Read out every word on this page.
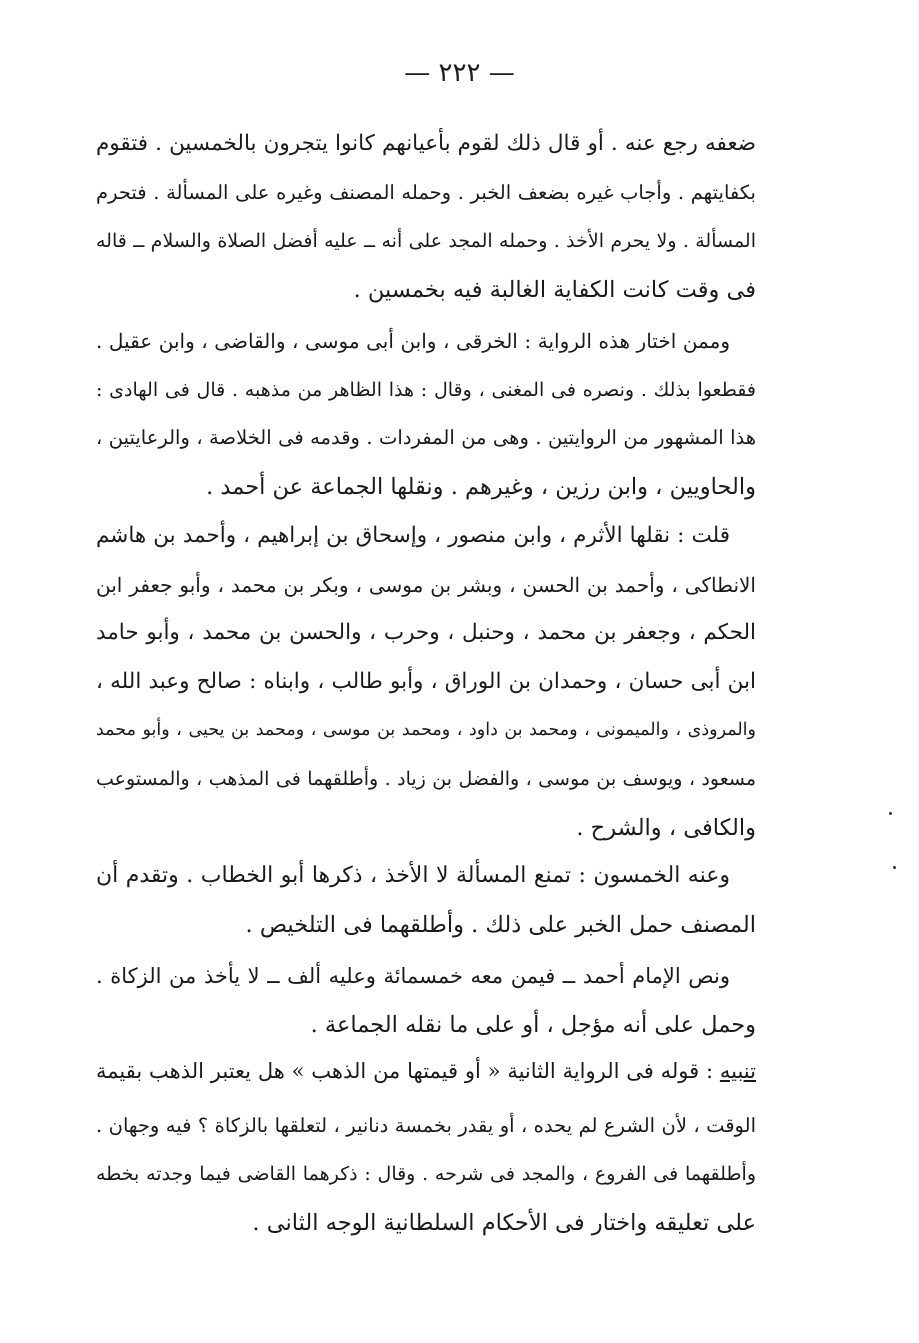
— ٢٢٢ —
ضعفه رجع عنه . أو قال ذلك لقوم بأعيانهم كانوا يتجرون بالخمسين . فتقوم
بكفايتهم . وأجاب غيره بضعف الخبر . وحمله المصنف وغيره على المسألة . فتحرم
المسألة . ولا يحرم الأخذ . وحمله المجد على أنه ــ عليه أفضل الصلاة والسلام ــ قاله
فى وقت كانت الكفاية الغالبة فيه بخمسين .
وممن اختار هذه الرواية : الخرقى ، وابن أبى موسى ، والقاضى ، وابن عقيل .
فقطعوا بذلك . ونصره فى المغنى ، وقال : هذا الظاهر من مذهبه . قال فى الهادى :
هذا المشهور من الروايتين . وهى من المفردات . وقدمه فى الخلاصة ، والرعايتين ،
والحاويين ، وابن رزين ، وغيرهم . ونقلها الجماعة عن أحمد .
قلت : نقلها الأثرم ، وابن منصور ، وإسحاق بن إبراهيم ، وأحمد بن هاشم
الانطاكى ، وأحمد بن الحسن ، وبشر بن موسى ، وبكر بن محمد ، وأبو جعفر ابن
الحكم ، وجعفر بن محمد ، وحنبل ، وحرب ، والحسن بن محمد ، وأبو حامد
ابن أبى حسان ، وحمدان بن الوراق ، وأبو طالب ، وابناه : صالح وعبد الله ،
والمروذى ، والميمونى ، ومحمد بن داود ، ومحمد بن موسى ، ومحمد بن يحيى ، وأبو محمد
مسعود ، ويوسف بن موسى ، والفضل بن زياد . وأطلقهما فى المذهب ، والمستوعب
والكافى ، والشرح .
وعنه الخمسون : تمنع المسألة لا الأخذ ، ذكرها أبو الخطاب . وتقدم أن
المصنف حمل الخبر على ذلك . وأطلقهما فى التلخيص .
ونص الإمام أحمد ــ فيمن معه خمسمائة وعليه ألف ــ لا يأخذ من الزكاة .
وحمل على أنه مؤجل ، أو على ما نقله الجماعة .
تنبيه : قوله فى الرواية الثانية « أو قيمتها من الذهب » هل يعتبر الذهب بقيمة
الوقت ، لأن الشرع لم يحده ، أو يقدر بخمسة دنانير ، لتعلقها بالزكاة ؟ فيه وجهان .
وأطلقهما فى الفروع ، والمجد فى شرحه . وقال : ذكرهما القاضى فيما وجدته بخطه
على تعليقه واختار فى الأحكام السلطانية الوجه الثانى .
